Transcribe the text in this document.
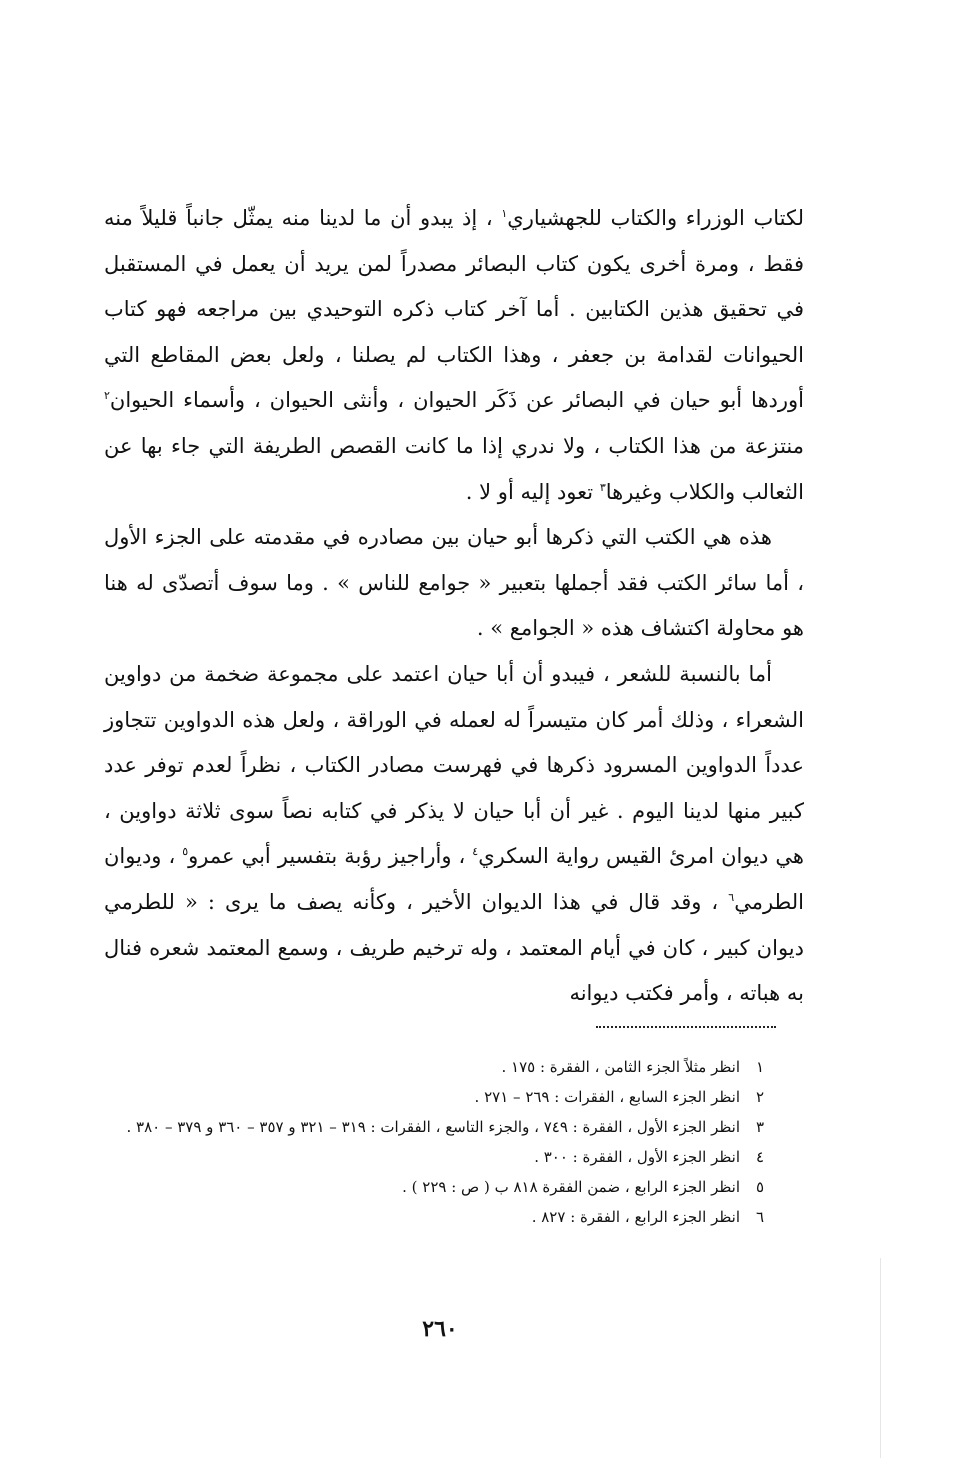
لكتاب الوزراء والكتاب للجهشياري$^١$ ، إذ يبدو أن ما لدينا منه يمثّل جانباً قليلاً منه فقط ، ومرة أخرى يكون كتاب البصائر مصدراً لمن يريد أن يعمل في المستقبل في تحقيق هذين الكتابين . أما آخر كتاب ذكره التوحيدي بين مراجعه فهو كتاب الحيوانات لقدامة بن جعفر ، وهذا الكتاب لم يصلنا ، ولعل بعض المقاطع التي أوردها أبو حيان في البصائر عن ذَكَر الحيوان ، وأنثى الحيوان ، وأسماء الحيوان$^٢$ منتزعة من هذا الكتاب ، ولا ندري إذا ما كانت القصص الطريفة التي جاء بها عن الثعالب والكلاب وغيرها$^٣$ تعود إليه أو لا .

هذه هي الكتب التي ذكرها أبو حيان بين مصادره في مقدمته على الجزء الأول ، أما سائر الكتب فقد أجملها بتعبير « جوامع للناس » . وما سوف أتصدّى له هنا هو محاولة اكتشاف هذه « الجوامع » .

أما بالنسبة للشعر ، فيبدو أن أبا حيان اعتمد على مجموعة ضخمة من دواوين الشعراء ، وذلك أمر كان متيسراً له لعمله في الوراقة ، ولعل هذه الدواوين تتجاوز عدداً الدواوين المسرود ذكرها في فهرست مصادر الكتاب ، نظراً لعدم توفر عدد كبير منها لدينا اليوم . غير أن أبا حيان لا يذكر في كتابه نصاً سوى ثلاثة دواوين ، هي ديوان امرئ القيس رواية السكري$^٤$ ، وأراجيز رؤبة بتفسير أبي عمرو$^٥$ ، وديوان الطرمي$^٦$ ، وقد قال في هذا الديوان الأخير ، وكأنه يصف ما يرى : « للطرمي ديوان كبير ، كان في أيام المعتمد ، وله ترخيم طريف ، وسمع المعتمد شعره فنال به هباته ، وأمر فكتب ديوانه

١
انظر مثلاً الجزء الثامن ، الفقرة : ١٧٥ .
٢
انظر الجزء السابع ، الفقرات : ٢٦٩ – ٢٧١ .
٣
انظر الجزء الأول ، الفقرة : ٧٤٩ ، والجزء التاسع ، الفقرات : ٣١٩ – ٣٢١ و ٣٥٧ – ٣٦٠ و ٣٧٩ – ٣٨٠ .
٤
انظر الجزء الأول ، الفقرة : ٣٠٠ .
٥
انظر الجزء الرابع ، ضمن الفقرة ٨١٨ ب ( ص : ٢٢٩ ) .
٦
انظر الجزء الرابع ، الفقرة : ٨٢٧ .
٢٦٠
